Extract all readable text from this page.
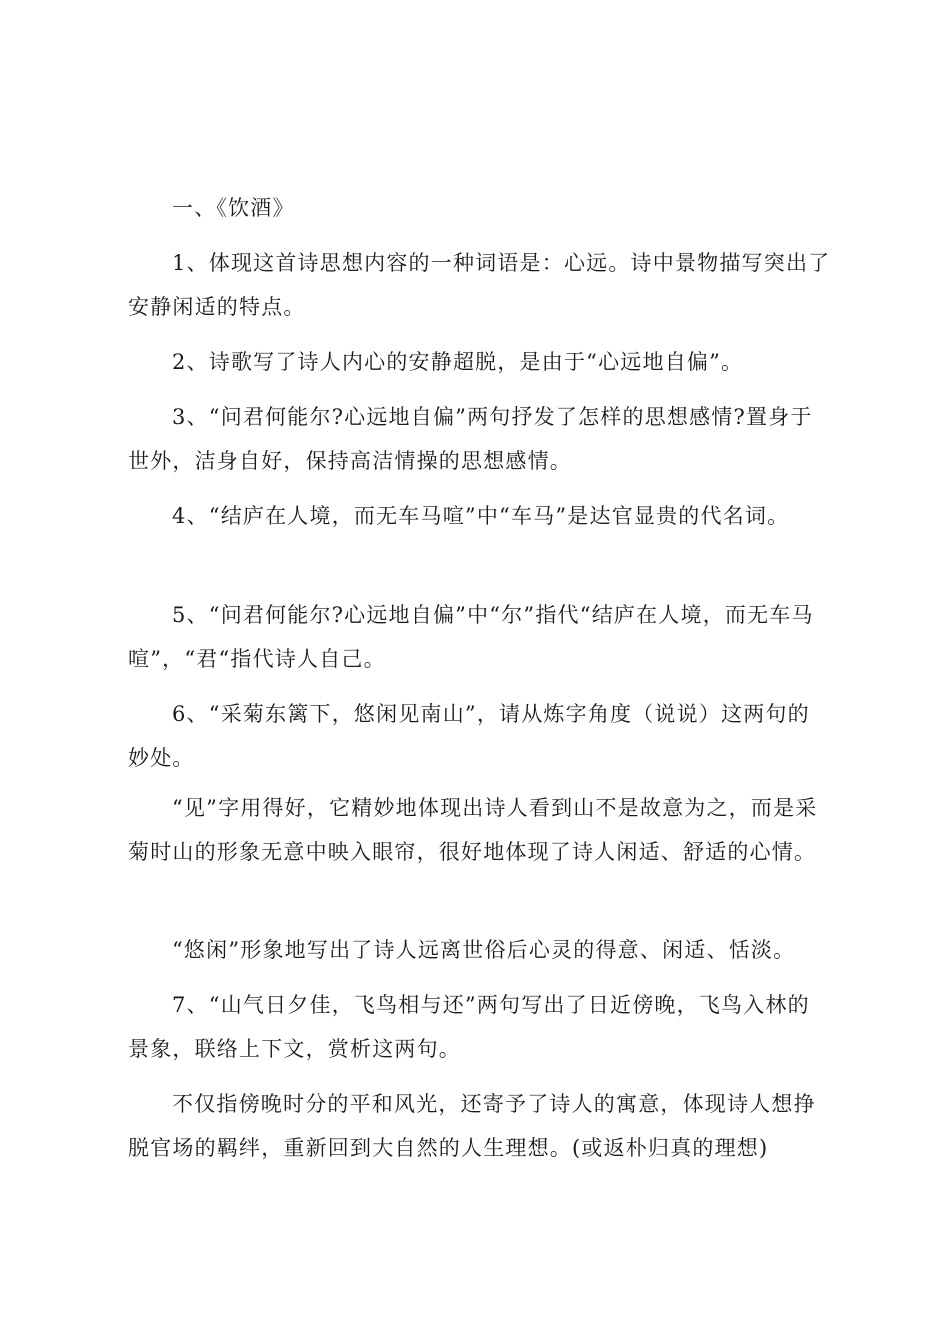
一、《饮酒》

1、体现这首诗思想内容的一种词语是：心远。诗中景物描写突出了安静闲适的特点。

2、诗歌写了诗人内心的安静超脱，是由于“心远地自偏”。

3、“问君何能尔?心远地自偏”两句抒发了怎样的思想感情?置身于世外，洁身自好，保持高洁情操的思想感情。

4、“结庐在人境，而无车马喧”中“车马”是达官显贵的代名词。

5、“问君何能尔?心远地自偏”中“尔”指代“结庐在人境，而无车马喧”，“君“指代诗人自己。

6、“采菊东篱下，悠闲见南山”，请从炼字角度（说说）这两句的妙处。

“见”字用得好，它精妙地体现出诗人看到山不是故意为之，而是采菊时山的形象无意中映入眼帘，很好地体现了诗人闲适、舒适的心情。

“悠闲”形象地写出了诗人远离世俗后心灵的得意、闲适、恬淡。

7、“山气日夕佳，飞鸟相与还”两句写出了日近傍晚，飞鸟入林的景象，联络上下文，赏析这两句。

不仅指傍晚时分的平和风光，还寄予了诗人的寓意，体现诗人想挣脱官场的羁绊，重新回到大自然的人生理想。(或返朴归真的理想)
